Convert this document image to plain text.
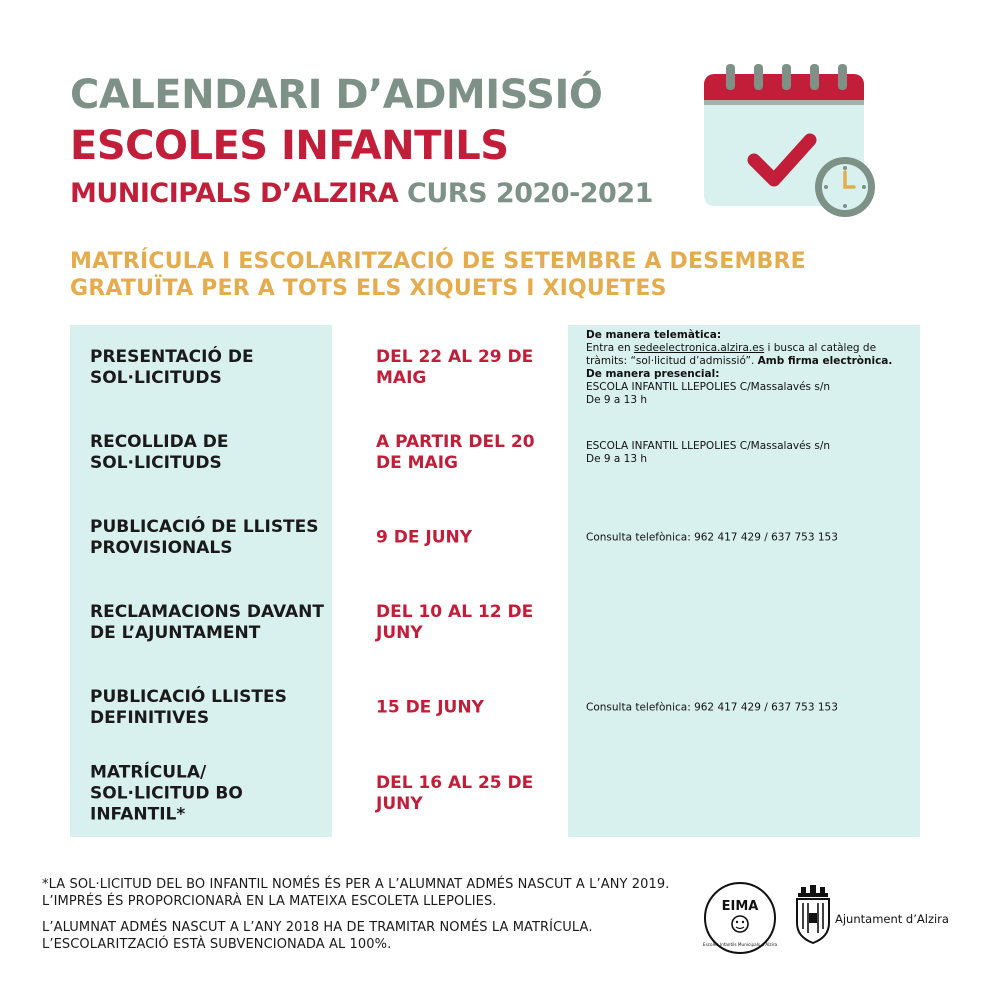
CALENDARI D’ADMISSIÓ
ESCOLES INFANTILS
MUNICIPALS D’ALZIRA CURS 2020-2021
MATRÍCULA I ESCOLARITZACIÓ DE SETEMBRE A DESEMBRE
GRATUÏTA PER A TOTS ELS XIQUETS I XIQUETES
PRESENTACIÓ DE SOL·LICITUDS
DEL 22 AL 29 DE MAIG
De manera telemàtica:
Entra en sedeelectronica.alzira.es i busca al catàleg de tràmits: “sol·licitud d’admissió”. Amb firma electrònica.
De manera presencial:
ESCOLA INFANTIL LLEPOLIES C/Massalavés s/n
De 9 a 13 h
RECOLLIDA DE SOL·LICITUDS
A PARTIR DEL 20 DE MAIG
ESCOLA INFANTIL LLEPOLIES C/Massalavés s/n
De 9 a 13 h
PUBLICACIÓ DE LLISTES PROVISIONALS
9 DE JUNY	Consulta telefònica: 962 417 429 / 637 753 153
RECLAMACIONS DAVANT DE L’AJUNTAMENT
DEL 10 AL 12 DE JUNY
PUBLICACIÓ LLISTES DEFINITIVES
15 DE JUNY	Consulta telefònica: 962 417 429 / 637 753 153
MATRÍCULA/ SOL·LICITUD BO INFANTIL*
DEL 16 AL 25 DE JUNY

*LA SOL·LICITUD DEL BO INFANTIL NOMÉS ÉS PER A L’ALUMNAT ADMÉS NASCUT A L’ANY 2019. L’IMPRÉS ÉS PROPORCIONARÀ EN LA MATEIXA ESCOLETA LLEPOLIES.

L’ALUMNAT ADMÉS NASCUT A L’ANY 2018 HA DE TRAMITAR NOMÉS LA MATRÍCULA. L’ESCOLARITZACIÓ ESTÀ SUBVENCIONADA AL 100%.

EIMA
Escoles Infantils Municipals d’Alzira
Ajuntament d’Alzira
